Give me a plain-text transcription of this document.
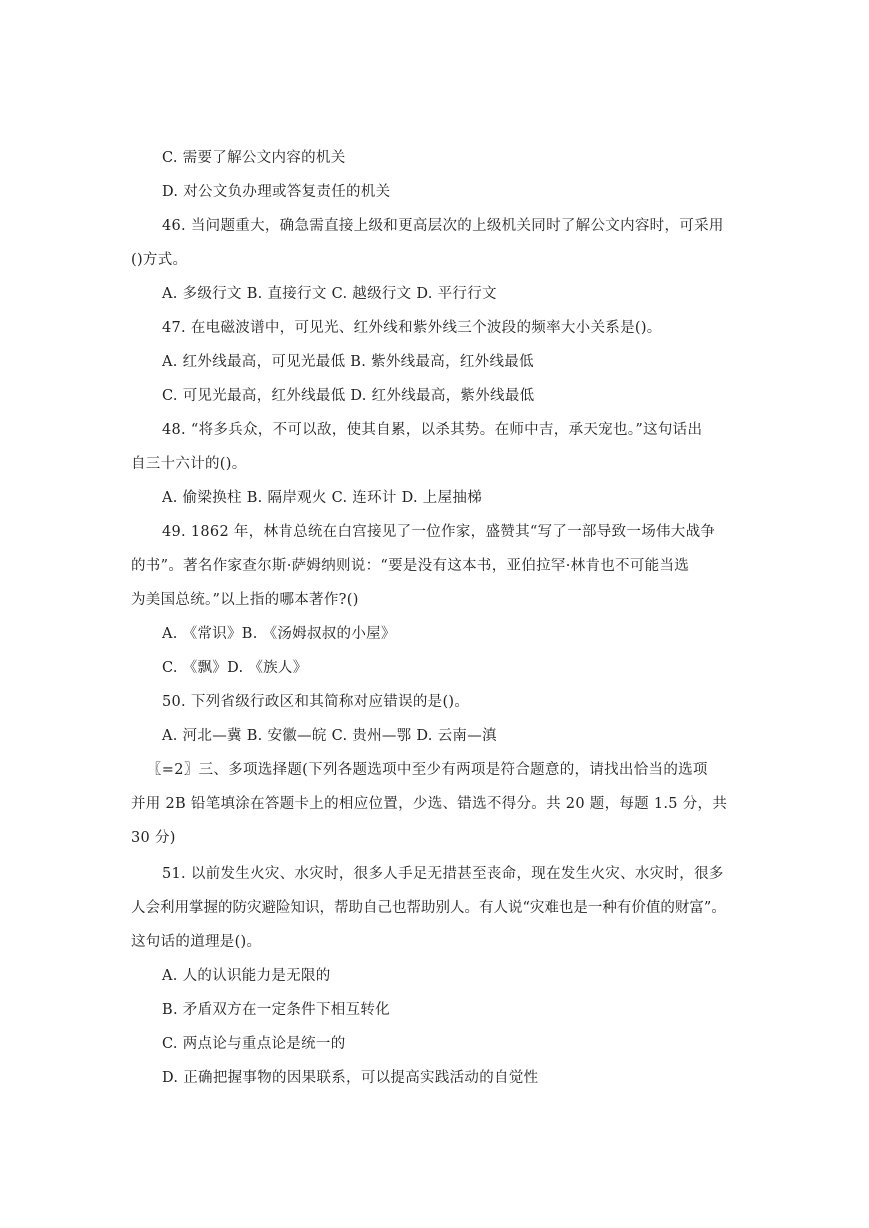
C. 需要了解公文内容的机关

D. 对公文负办理或答复责任的机关

46. 当问题重大，确急需直接上级和更高层次的上级机关同时了解公文内容时，可采用

()方式。

A. 多级行文 B. 直接行文 C. 越级行文 D. 平行行文

47. 在电磁波谱中，可见光、红外线和紫外线三个波段的频率大小关系是()。

A. 红外线最高，可见光最低 B. 紫外线最高，红外线最低

C. 可见光最高，红外线最低 D. 红外线最高，紫外线最低

48. “将多兵众，不可以敌，使其自累，以杀其势。在师中吉，承天宠也。”这句话出

自三十六计的()。

A. 偷梁换柱 B. 隔岸观火 C. 连环计 D. 上屋抽梯

49. 1862 年，林肯总统在白宫接见了一位作家，盛赞其“写了一部导致一场伟大战争

的书”。著名作家查尔斯·萨姆纳则说：“要是没有这本书，亚伯拉罕·林肯也不可能当选

为美国总统。”以上指的哪本著作?()

A. 《常识》B. 《汤姆叔叔的小屋》

C. 《飘》D. 《族人》

50. 下列省级行政区和其简称对应错误的是()。

A. 河北—冀 B. 安徽—皖 C. 贵州—鄂 D. 云南—滇

〖=2〗三、多项选择题(下列各题选项中至少有两项是符合题意的，请找出恰当的选项

并用 2B 铅笔填涂在答题卡上的相应位置，少选、错选不得分。共 20 题，每题 1.5 分，共

30 分)

51. 以前发生火灾、水灾时，很多人手足无措甚至丧命，现在发生火灾、水灾时，很多

人会利用掌握的防灾避险知识，帮助自己也帮助别人。有人说“灾难也是一种有价值的财富”。

这句话的道理是()。

A. 人的认识能力是无限的

B. 矛盾双方在一定条件下相互转化

C. 两点论与重点论是统一的

D. 正确把握事物的因果联系，可以提高实践活动的自觉性
